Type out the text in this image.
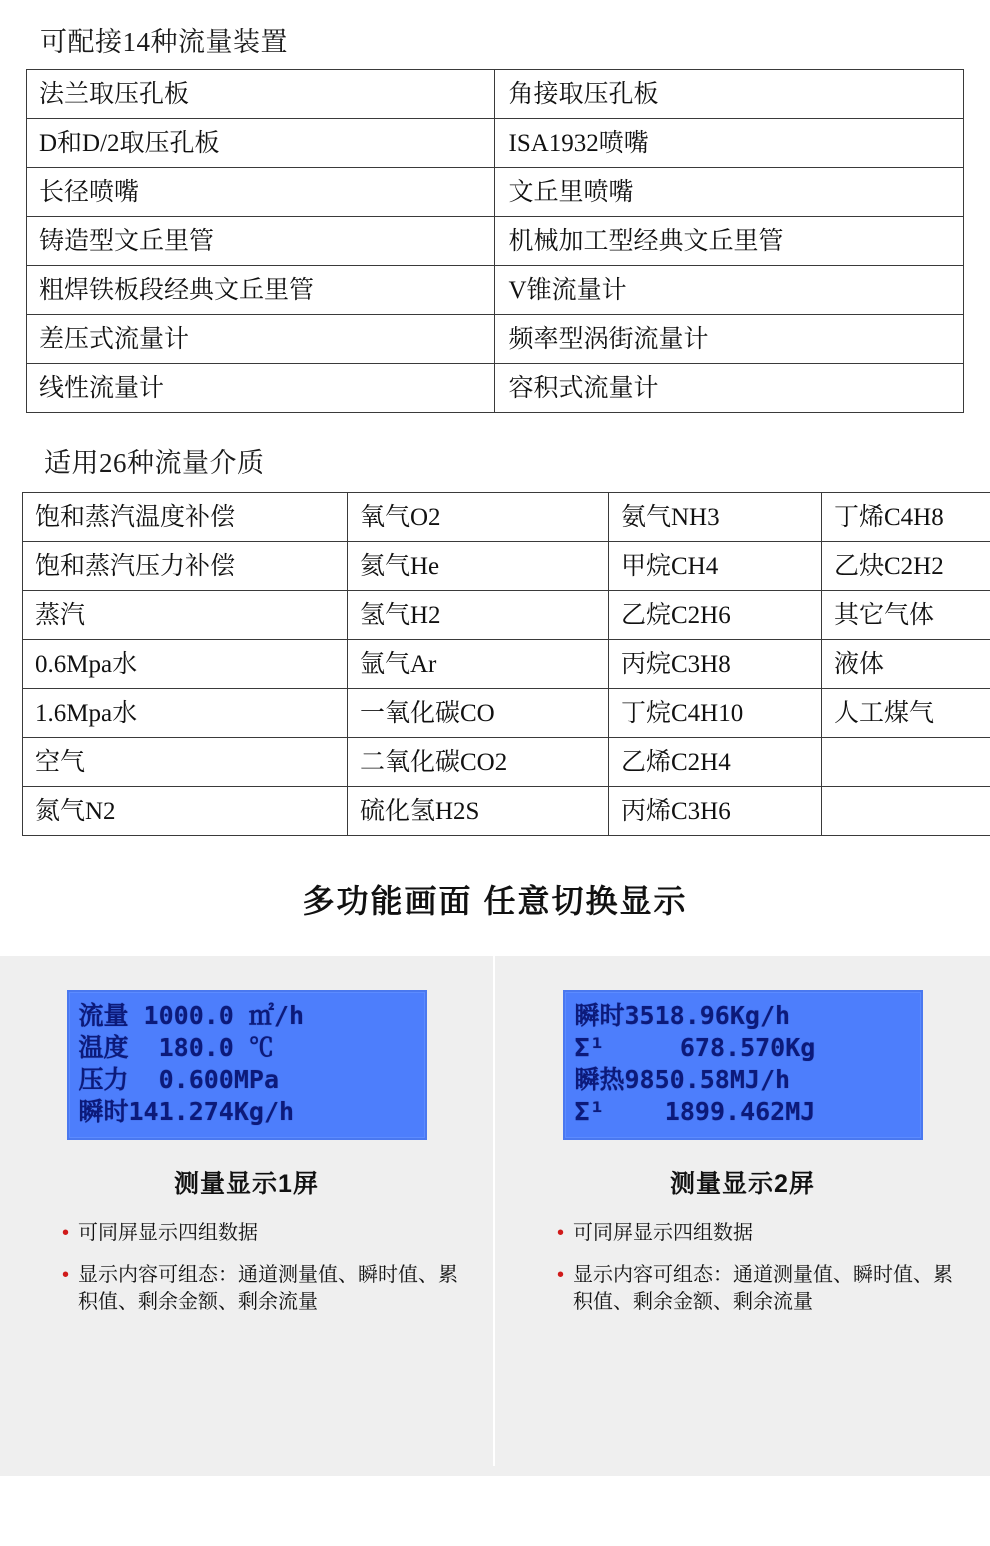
可配接14种流量装置
法兰取压孔板	角接取压孔板
D和D/2取压孔板	ISA1932喷嘴
长径喷嘴	文丘里喷嘴
铸造型文丘里管	机械加工型经典文丘里管
粗焊铁板段经典文丘里管	V锥流量计
差压式流量计	频率型涡街流量计
线性流量计	容积式流量计
适用26种流量介质
饱和蒸汽温度补偿	氧气O2	氨气NH3	丁烯C4H8
饱和蒸汽压力补偿	氦气He	甲烷CH4	乙炔C2H2
蒸汽	氢气H2	乙烷C2H6	其它气体
0.6Mpa水	氩气Ar	丙烷C3H8	液体
1.6Mpa水	一氧化碳CO	丁烷C4H10	人工煤气
空气	二氧化碳CO2	乙烯C2H4	
氮气N2	硫化氢H2S	丙烯C3H6	
多功能画面 任意切换显示
流量 1000.0 ㎡/h
温度  180.0 ℃
压力  0.600MPa
瞬时141.274Kg/h
测量显示1屏
• 可同屏显示四组数据
• 显示内容可组态：通道测量值、瞬时值、累积值、剩余金额、剩余流量
瞬时3518.96Kg/h
Σ¹     678.570Kg
瞬热9850.58MJ/h
Σ¹    1899.462MJ
测量显示2屏
• 可同屏显示四组数据
• 显示内容可组态：通道测量值、瞬时值、累积值、剩余金额、剩余流量
